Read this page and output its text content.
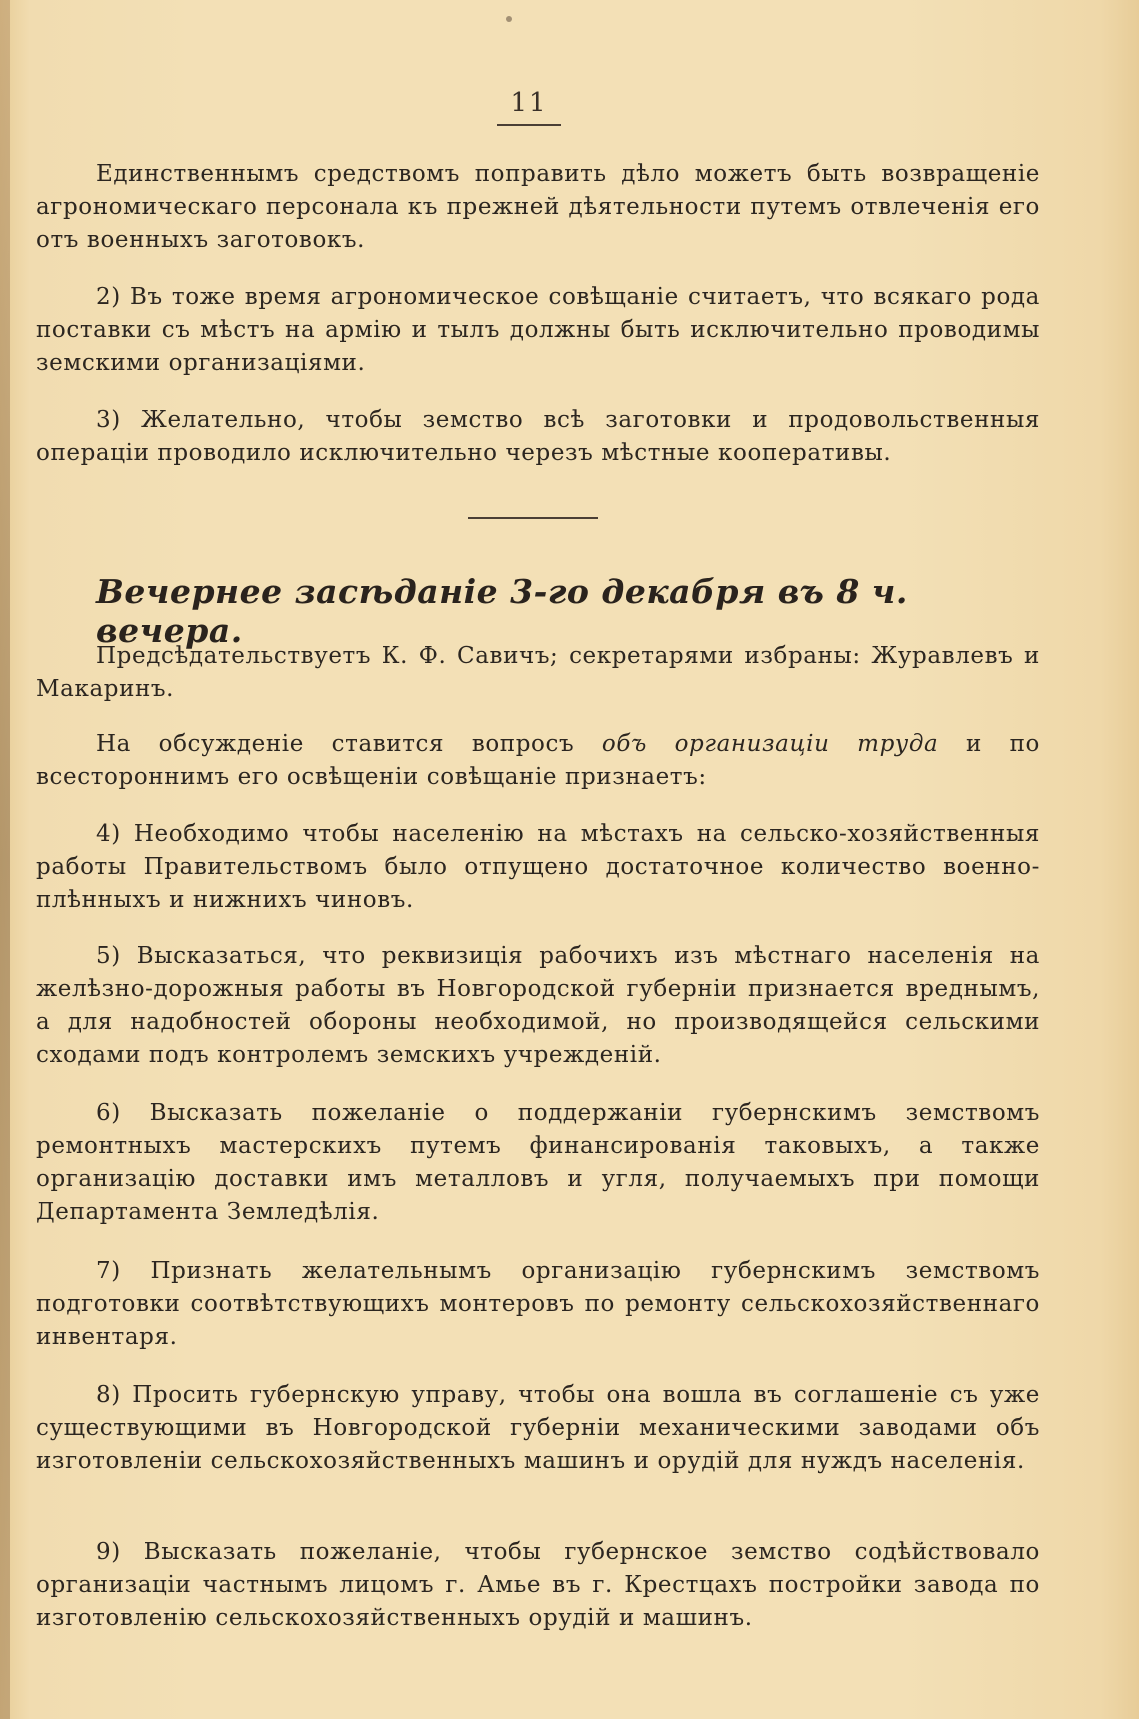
11

Единственнымъ средствомъ поправить дѣло можетъ быть возвращеніе агрономическаго персонала къ прежней дѣятельности путемъ отвлеченія его отъ военныхъ заготовокъ.

2) Въ тоже время агрономическое совѣщаніе считаетъ, что всякаго рода поставки съ мѣстъ на армію и тылъ должны быть исключительно проводимы земскими организаціями.

3) Желательно, чтобы земство всѣ заготовки и продовольственныя операціи проводило исключительно черезъ мѣстные кооперативы.

Вечернее засѣданіе 3-го декабря въ 8 ч. вечера.

Предсѣдательствуетъ К. Ф. Савичъ; секретарями избраны: Журавлевъ и Макаринъ.

На обсужденіе ставится вопросъ объ организаціи труда и по всестороннимъ его освѣщеніи совѣщаніе признаетъ:

4) Необходимо чтобы населенію на мѣстахъ на сельско-хозяйственныя работы Правительствомъ было отпущено достаточное количество военно-плѣнныхъ и нижнихъ чиновъ.

5) Высказаться, что реквизиція рабочихъ изъ мѣстнаго населенія на желѣзно-дорожныя работы въ Новгородской губерніи признается вреднымъ, а для надобностей обороны необходимой, но производящейся сельскими сходами подъ контролемъ земскихъ учрежденій.

6) Высказать пожеланіе о поддержаніи губернскимъ земствомъ ремонтныхъ мастерскихъ путемъ финансированія таковыхъ, а также организацію доставки имъ металловъ и угля, получаемыхъ при помощи Департамента Земледѣлія.

7) Признать желательнымъ организацію губернскимъ земствомъ подготовки соотвѣтствующихъ монтеровъ по ремонту сельскохозяйственнаго инвентаря.

8) Просить губернскую управу, чтобы она вошла въ соглашеніе съ уже существующими въ Новгородской губерніи механическими заводами объ изготовленіи сельскохозяйственныхъ машинъ и орудій для нуждъ населенія.

9) Высказать пожеланіе, чтобы губернское земство содѣйствовало организаціи частнымъ лицомъ г. Амье въ г. Крестцахъ постройки завода по изготовленію сельскохозяйственныхъ орудій и машинъ.
